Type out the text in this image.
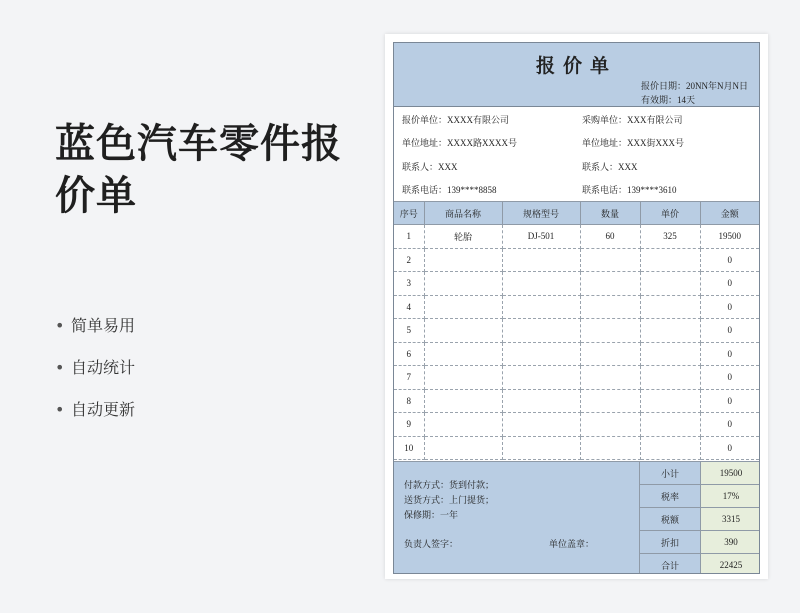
蓝色汽车零件报
价单
• 简单易用
• 自动统计
• 自动更新
报价单
报价日期：20NN年N月N日
有效期：14天
报价单位：XXXX有限公司	采购单位：XXX有限公司
单位地址：XXXX路XXXX号	单位地址：XXX街XXX号
联系人：XXX	联系人：XXX
联系电话：139****8858	联系电话：139****3610
序号	商品名称	规格型号	数量	单价	金额
1	轮胎	DJ-501	60	325	19500
2					0
3					0
4					0
5					0
6					0
7					0
8					0
9					0
10					0
付款方式：货到付款；
送货方式：上门提货；
保修期：一年
负责人签字：	单位盖章：
小计	19500
税率	17%
税额	3315
折扣	390
合计	22425
